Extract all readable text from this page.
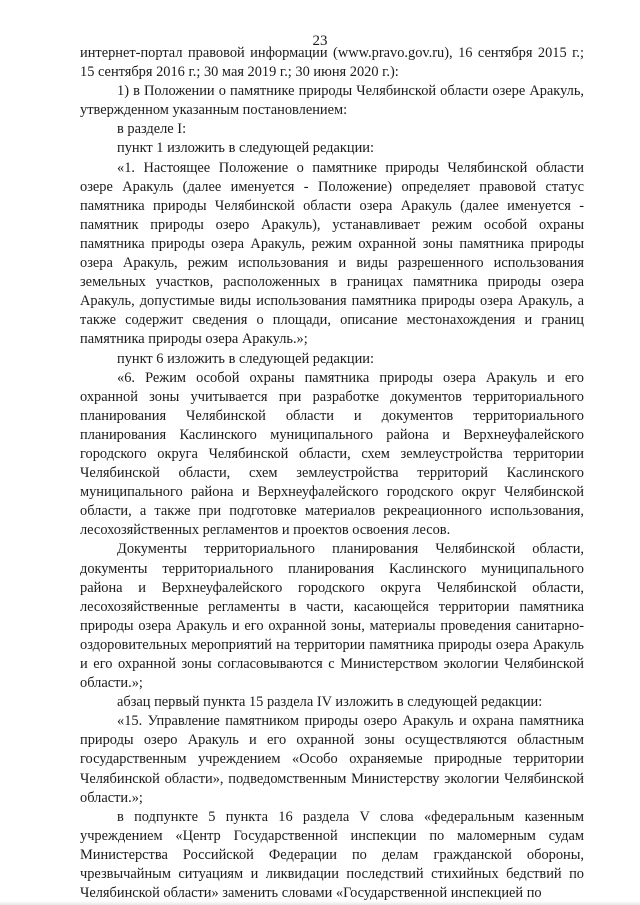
23

интернет-портал правовой информации (www.pravo.gov.ru), 16 сентября 2015 г.; 15 сентября 2016 г.; 30 мая 2019 г.; 30 июня 2020 г.):

1) в Положении о памятнике природы Челябинской области озере Аракуль, утвержденном указанным постановлением:

в разделе I:

пункт 1 изложить в следующей редакции:

«1. Настоящее Положение о памятнике природы Челябинской области озере Аракуль (далее именуется - Положение) определяет правовой статус памятника природы Челябинской области озера Аракуль (далее именуется - памятник природы озеро Аракуль), устанавливает режим особой охраны памятника природы озера Аракуль, режим охранной зоны памятника природы озера Аракуль, режим использования и виды разрешенного использования земельных участков, расположенных в границах памятника природы озера Аракуль, допустимые виды использования памятника природы озера Аракуль, а также содержит сведения о площади, описание местонахождения и границ памятника природы озера Аракуль.»;

пункт 6 изложить в следующей редакции:

«6. Режим особой охраны памятника природы озера Аракуль и его охранной зоны учитывается при разработке документов территориального планирования Челябинской области и документов территориального планирования Каслинского муниципального района и Верхнеуфалейского городского округа Челябинской области, схем землеустройства территории Челябинской области, схем землеустройства территорий Каслинского муниципального района и Верхнеуфалейского городского округ Челябинской области, а также при подготовке материалов рекреационного использования, лесохозяйственных регламентов и проектов освоения лесов.

Документы территориального планирования Челябинской области, документы территориального планирования Каслинского муниципального района и Верхнеуфалейского городского округа Челябинской области, лесохозяйственные регламенты в части, касающейся территории памятника природы озера Аракуль и его охранной зоны, материалы проведения санитарно-оздоровительных мероприятий на территории памятника природы озера Аракуль и его охранной зоны согласовываются с Министерством экологии Челябинской области.»;

абзац первый пункта 15 раздела IV изложить в следующей редакции:

«15. Управление памятником природы озеро Аракуль и охрана памятника природы озеро Аракуль и его охранной зоны осуществляются областным государственным учреждением «Особо охраняемые природные территории Челябинской области», подведомственным Министерству экологии Челябинской области.»;

в подпункте 5 пункта 16 раздела V слова «федеральным казенным учреждением «Центр Государственной инспекции по маломерным судам Министерства Российской Федерации по делам гражданской обороны, чрезвычайным ситуациям и ликвидации последствий стихийных бедствий по Челябинской области» заменить словами «Государственной инспекцией по
